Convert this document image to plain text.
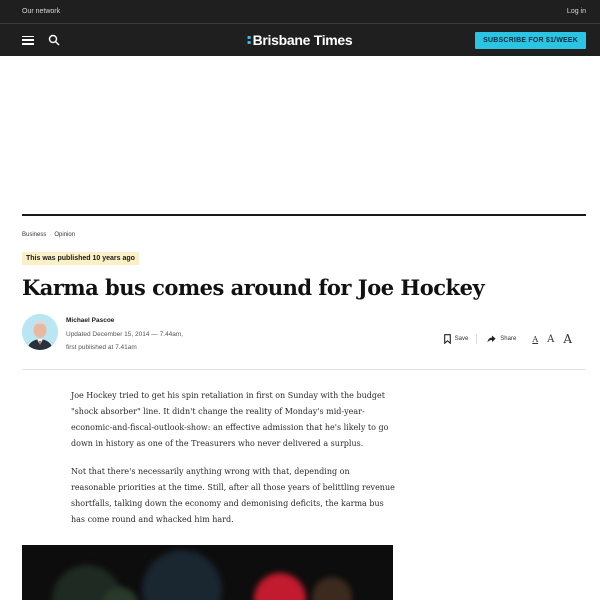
Our network	Log in
Brisbane Times	SUBSCRIBE FOR $1/WEEK
Business · Opinion
This was published 10 years ago
Karma bus comes around for Joe Hockey
Michael Pascoe
Updated December 15, 2014 — 7.44am, first published at 7.41am
Save	Share A A A

Joe Hockey tried to get his spin retaliation in first on Sunday with the budget "shock absorber" line. It didn't change the reality of Monday's mid-year-economic-and-fiscal-outlook-show: an effective admission that he's likely to go down in history as one of the Treasurers who never delivered a surplus.

Not that there's necessarily anything wrong with that, depending on reasonable priorities at the time. Still, after all those years of belittling revenue shortfalls, talking down the economy and demonising deficits, the karma bus has come round and whacked him hard.
